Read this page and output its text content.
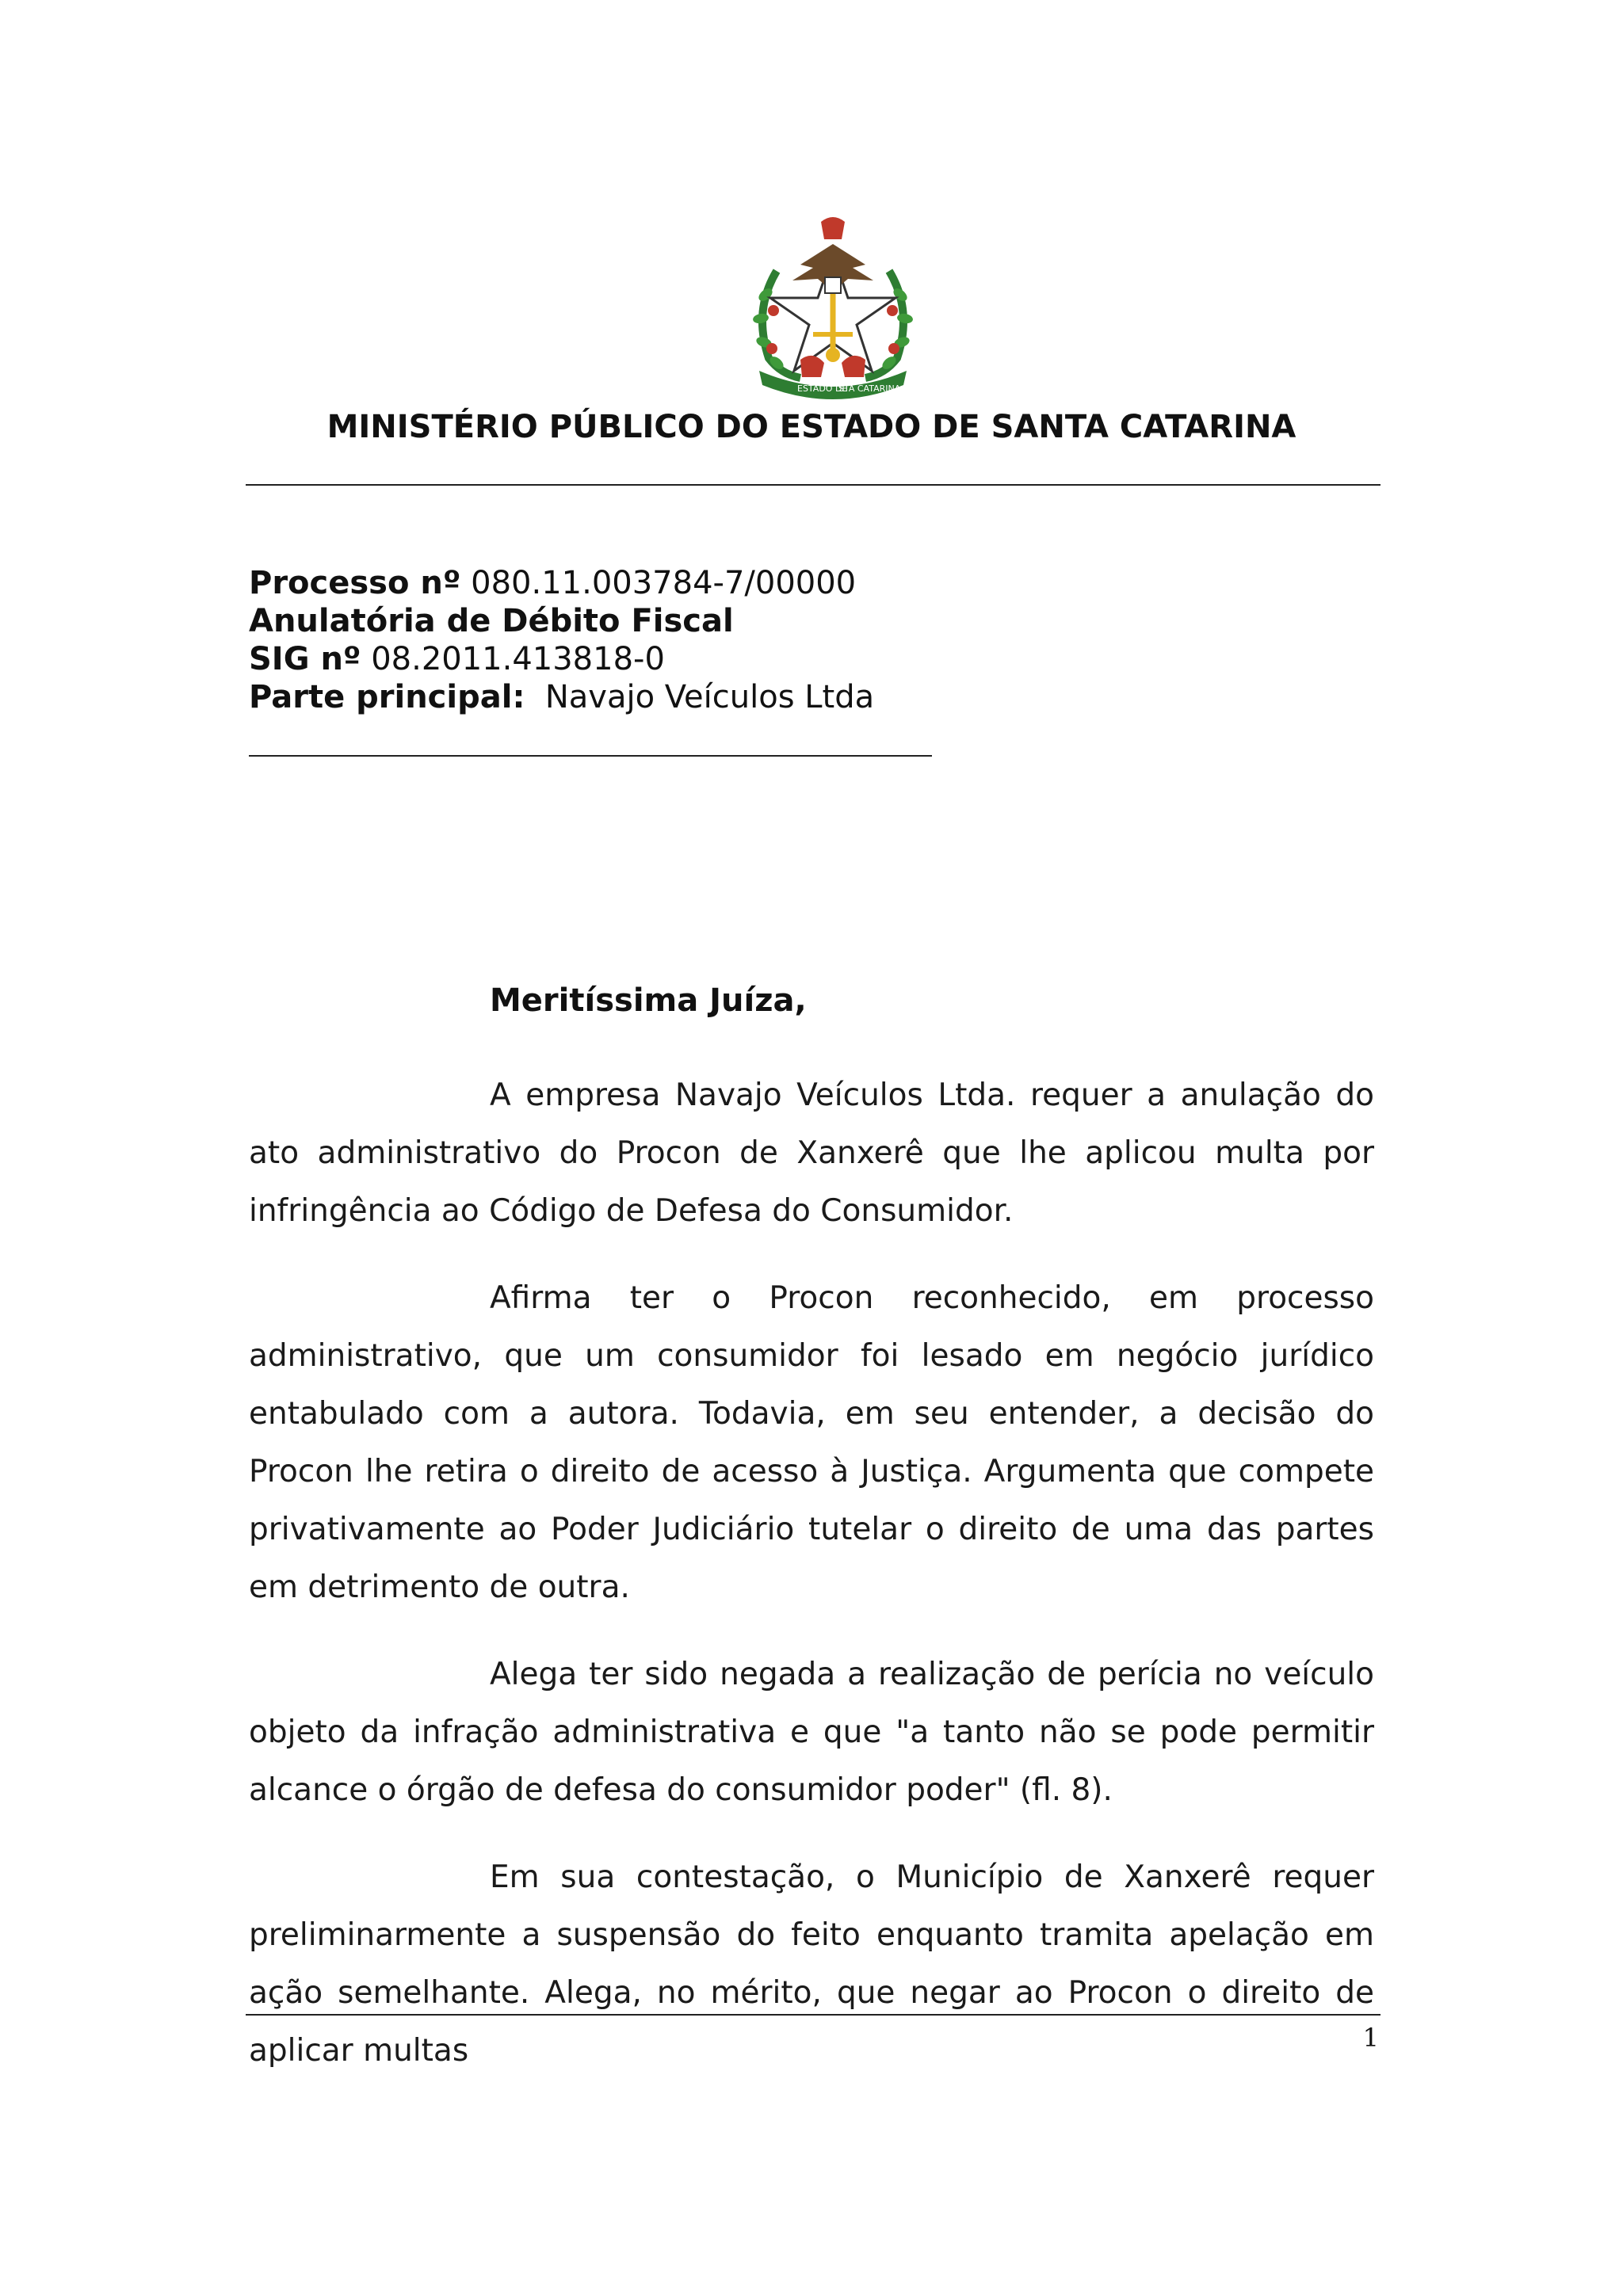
ESTADO DE
STA CATARINA
MINISTÉRIO PÚBLICO DO ESTADO DE SANTA CATARINA
Processo nº 080.11.003784-7/00000
Anulatória de Débito Fiscal
SIG nº 08.2011.413818-0
Parte principal: Navajo Veículos Ltda
Meritíssima Juíza,

A empresa Navajo Veículos Ltda. requer a anulação do ato administrativo do Procon de Xanxerê que lhe aplicou multa por infringência ao Código de Defesa do Consumidor.

Afirma ter o Procon reconhecido, em processo administrativo, que um consumidor foi lesado em negócio jurídico entabulado com a autora. Todavia, em seu entender, a decisão do Procon lhe retira o direito de acesso à Justiça. Argumenta que compete privativamente ao Poder Judiciário tutelar o direito de uma das partes em detrimento de outra.

Alega ter sido negada a realização de perícia no veículo objeto da infração administrativa e que "a tanto não se pode permitir alcance o órgão de defesa do consumidor poder" (fl. 8).

Em sua contestação, o Município de Xanxerê requer preliminarmente a suspensão do feito enquanto tramita apelação em ação semelhante. Alega, no mérito, que negar ao Procon o direito de aplicar multas	1
